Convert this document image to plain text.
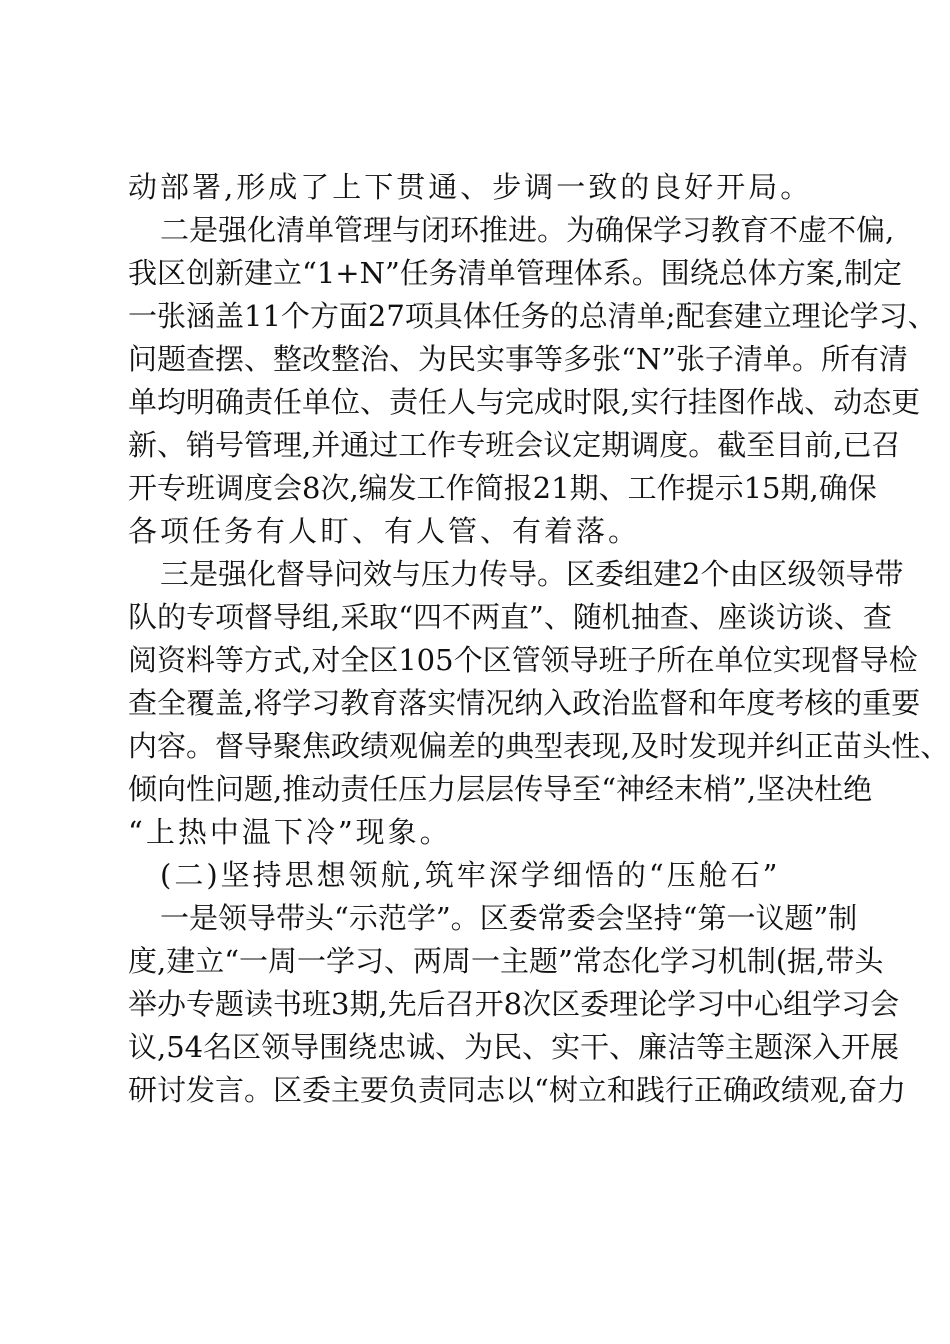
动部署,形成了上下贯通、步调一致的良好开局。
二是强化清单管理与闭环推进。为确保学习教育不虚不偏,
我区创新建立“1+N”任务清单管理体系。围绕总体方案,制定
一张涵盖11个方面27项具体任务的总清单;配套建立理论学习、
问题查摆、整改整治、为民实事等多张“N”张子清单。所有清
单均明确责任单位、责任人与完成时限,实行挂图作战、动态更
新、销号管理,并通过工作专班会议定期调度。截至目前,已召
开专班调度会8次,编发工作简报21期、工作提示15期,确保
各项任务有人盯、有人管、有着落。
三是强化督导问效与压力传导。区委组建2个由区级领导带
队的专项督导组,采取“四不两直”、随机抽查、座谈访谈、查
阅资料等方式,对全区105个区管领导班子所在单位实现督导检
查全覆盖,将学习教育落实情况纳入政治监督和年度考核的重要
内容。督导聚焦政绩观偏差的典型表现,及时发现并纠正苗头性、
倾向性问题,推动责任压力层层传导至“神经末梢”,坚决杜绝
“上热中温下冷”现象。
(二)坚持思想领航,筑牢深学细悟的“压舱石”
一是领导带头“示范学”。区委常委会坚持“第一议题”制
度,建立“一周一学习、两周一主题”常态化学习机制(据,带头
举办专题读书班3期,先后召开8次区委理论学习中心组学习会
议,54名区领导围绕忠诚、为民、实干、廉洁等主题深入开展
研讨发言。区委主要负责同志以“树立和践行正确政绩观,奋力
